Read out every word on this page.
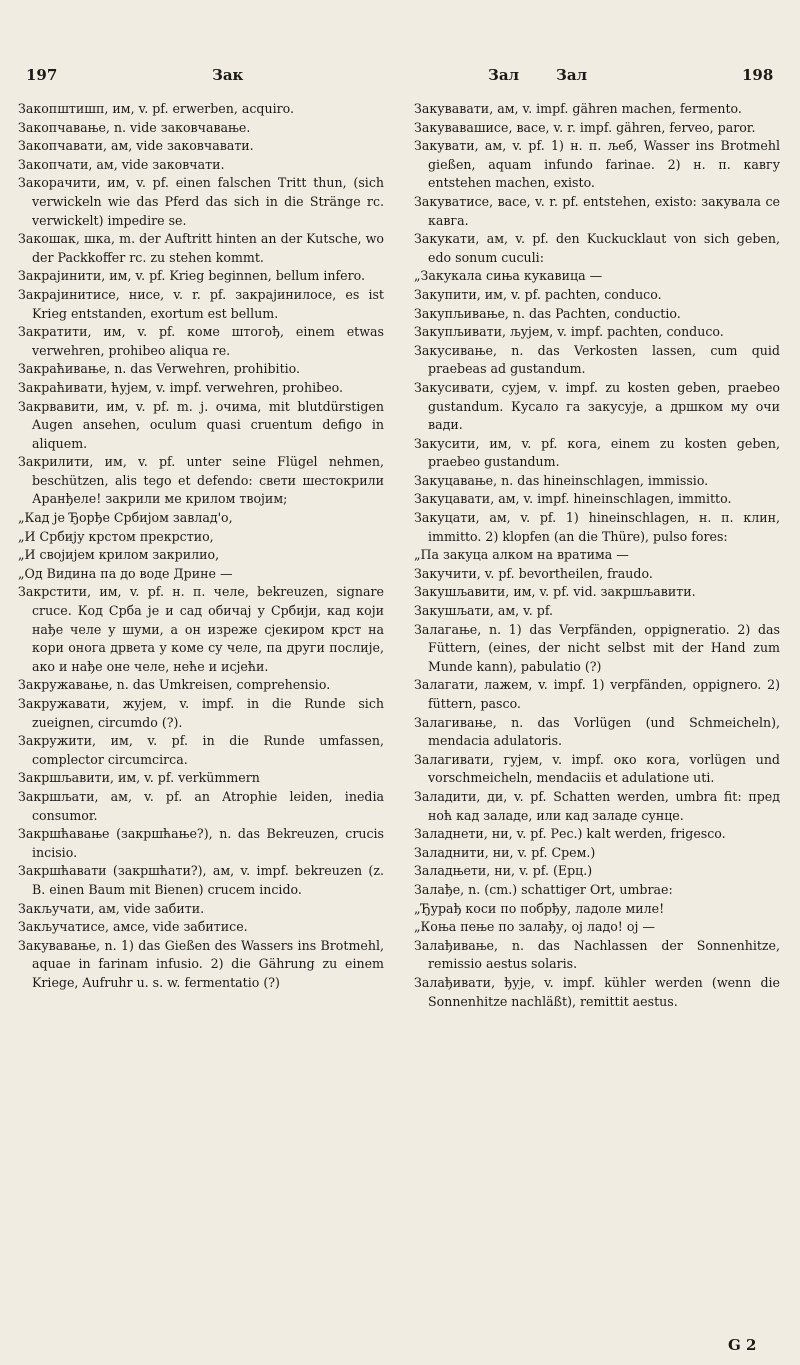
197	Зак	Зал Зал	198

Закопштишп, им, v. pf. erwerben, acquiro.

Закопчавање, n. vide заковчавање.

Закопчавати, ам, vide заковчавати.

Закопчати, ам, vide заковчати.

Закорачити, им, v. pf. einen falschen Tritt thun, (sich verwickeln wie das Pferd das sich in die Stränge rc. verwickelt) impedire se.

Закошак, шка, m. der Auftritt hinten an der Kutsche, wo der Packkoffer rc. zu stehen kommt.

Закрајинити, им, v. pf. Krieg beginnen, bellum infero.

Закрајинитисе, нисе, v. r. pf. закрајинилосе, es ist Krieg entstanden, exortum est bellum.

Закратити, им, v. pf. коме штогођ, einem etwas verwehren, prohibeo aliqua re.

Закраћивање, n. das Verwehren, prohibitio.

Закраћивати, ћујем, v. impf. verwehren, prohibeo.

Закрвавити, им, v. pf. m. j. очима, mit blutdürstigen Augen ansehen, oculum quasi cruentum defigo in aliquem.

Закрилити, им, v. pf. unter seine Flügel nehmen, beschützen, alis tego et defendo: свети шестокрили Аранђеле! закрили ме крилом твојим;

„Кад је Ђорђе Србијом завлад'о,

„И Србију крстом прекрстио,

„И својијем крилом закрилио,

„Од Видина па до воде Дрине —

Закрстити, им, v. pf. н. п. челе, bekreuzen, signare cruce. Код Срба је и сад обичај у Србији, кад који нађе челе у шуми, а он изреже сјекиром крст на кори онога дрвета у коме су челе, па други послије, ако и нађе оне челе, неће и исјећи.

Закружавање, n. das Umkreisen, comprehensio.

Закружавати, жујем, v. impf. in die Runde sich zueignen, circumdo (?).

Закружити, им, v. pf. in die Runde umfassen, complector circumcirca.

Закршљавити, им, v. pf. verkümmern

Закршљати, ам, v. pf. an Atrophie leiden, inedia consumor.

Закршћавање (закршћање?), n. das Bekreuzen, crucis incisio.

Закршћавати (закршћати?), ам, v. impf. bekreuzen (z. B. einen Baum mit Bienen) crucem incido.

Закључати, ам, vide забити.

Закључатисе, амсе, vide забитисе.

Закувавање, n. 1) das Gießen des Wassers ins Brotmehl, aquae in farinam infusio. 2) die Gährung zu einem Kriege, Aufruhr u. s. w. fermentatio (?)

Закувавати, ам, v. impf. gähren machen, fermento.

Закувавашисе, васе, v. r. impf. gähren, ferveo, paror.

Закувати, ам, v. pf. 1) н. п. љеб, Wasser ins Brotmehl gießen, aquam infundo farinae. 2) н. п. кавгу entstehen machen, existo.

Закуватисе, васе, v. r. pf. entstehen, existo: закувала се кавга.

Закукати, ам, v. pf. den Kuckucklaut von sich geben, edo sonum cuculi:

„Закукала сиња кукавица —

Закупити, им, v. pf. pachten, conduco.

Закупљивање, n. das Pachten, conductio.

Закупљивати, љујем, v. impf. pachten, conduco.

Закусивање, n. das Verkosten lassen, cum quid praebeas ad gustandum.

Закусивати, сујем, v. impf. zu kosten geben, praebeo gustandum. Кусало га закусује, а дршком му очи вади.

Закусити, им, v. pf. кога, einem zu kosten geben, praebeo gustandum.

Закуцавање, n. das hineinschlagen, immissio.

Закуцавати, ам, v. impf. hineinschlagen, immitto.

Закуцати, ам, v. pf. 1) hineinschlagen, н. п. клин, immitto. 2) klopfen (an die Thüre), pulso fores:

„Па закуца алком на вратима —

Закучити, v. pf. bevortheilen, fraudo.

Закушљавити, им, v. pf. vid. закршљавити.

Закушљати, ам, v. pf.

Залагање, n. 1) das Verpfänden, oppigneratio. 2) das Füttern, (eines, der nicht selbst mit der Hand zum Munde kann), pabulatio (?)

Залагати, лажем, v. impf. 1) verpfänden, oppignero. 2) füttern, pasco.

Залагивање, n. das Vorlügen (und Schmeicheln), mendacia adulatoris.

Залагивати, гујем, v. impf. око кога, vorlügen und vorschmeicheln, mendaciis et adulatione uti.

Заладити, ди, v. pf. Schatten werden, umbra fit: пред ноћ кад заладе, или кад заладе сунце.

Заладнети, ни, v. pf. Рес.) kalt werden, frigesco.

Заладнити, ни, v. pf. Срем.)

Заладњети, ни, v. pf. (Ерц.)

Залађе, n. (cm.) schattiger Ort, umbrae:

„Ђурађ коси по побрђу, ладоле миле!

„Коња пење по залађу, ој ладо! ој —

Залађивање, n. das Nachlassen der Sonnenhitze, remissio aestus solaris.

Залађивати, ђује, v. impf. kühler werden (wenn die Sonnenhitze nachläßt), remittit aestus.

G 2
